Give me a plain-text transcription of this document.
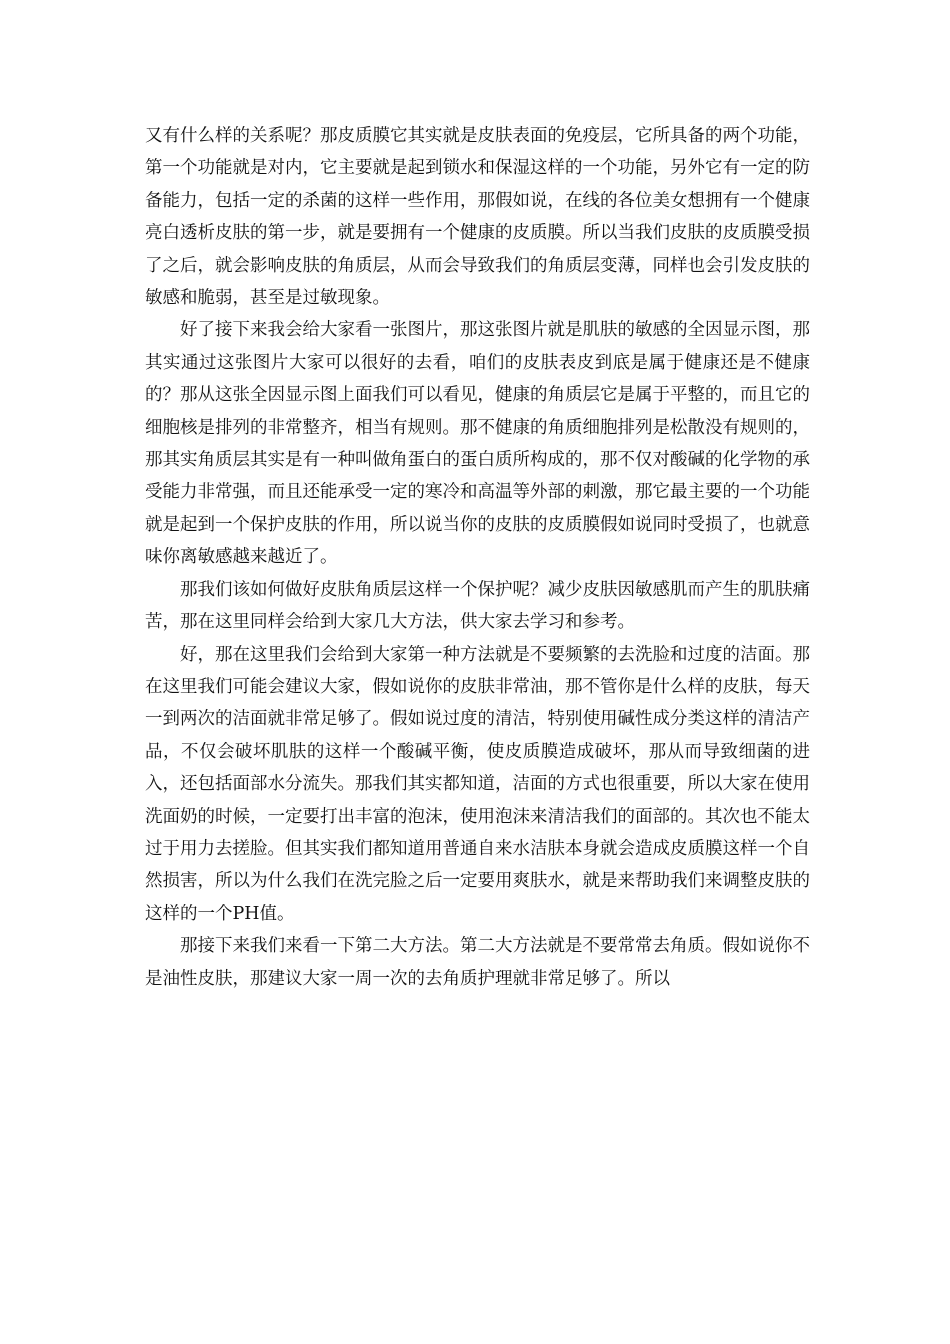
又有什么样的关系呢？那皮质膜它其实就是皮肤表面的免疫层，它所具备的两个功能，第一个功能就是对内，它主要就是起到锁水和保湿这样的一个功能，另外它有一定的防备能力，包括一定的杀菌的这样一些作用，那假如说，在线的各位美女想拥有一个健康亮白透析皮肤的第一步，就是要拥有一个健康的皮质膜。所以当我们皮肤的皮质膜受损了之后，就会影响皮肤的角质层，从而会导致我们的角质层变薄，同样也会引发皮肤的敏感和脆弱，甚至是过敏现象。

好了接下来我会给大家看一张图片，那这张图片就是肌肤的敏感的全因显示图，那其实通过这张图片大家可以很好的去看，咱们的皮肤表皮到底是属于健康还是不健康的？那从这张全因显示图上面我们可以看见，健康的角质层它是属于平整的，而且它的细胞核是排列的非常整齐，相当有规则。那不健康的角质细胞排列是松散没有规则的，那其实角质层其实是有一种叫做角蛋白的蛋白质所构成的，那不仅对酸碱的化学物的承受能力非常强，而且还能承受一定的寒冷和高温等外部的刺激，那它最主要的一个功能就是起到一个保护皮肤的作用，所以说当你的皮肤的皮质膜假如说同时受损了，也就意味你离敏感越来越近了。

那我们该如何做好皮肤角质层这样一个保护呢？减少皮肤因敏感肌而产生的肌肤痛苦，那在这里同样会给到大家几大方法，供大家去学习和参考。

好，那在这里我们会给到大家第一种方法就是不要频繁的去洗脸和过度的洁面。那在这里我们可能会建议大家，假如说你的皮肤非常油，那不管你是什么样的皮肤，每天一到两次的洁面就非常足够了。假如说过度的清洁，特别使用碱性成分类这样的清洁产品，不仅会破坏肌肤的这样一个酸碱平衡，使皮质膜造成破坏，那从而导致细菌的进入，还包括面部水分流失。那我们其实都知道，洁面的方式也很重要，所以大家在使用洗面奶的时候，一定要打出丰富的泡沫，使用泡沫来清洁我们的面部的。其次也不能太过于用力去搓脸。但其实我们都知道用普通自来水洁肤本身就会造成皮质膜这样一个自然损害，所以为什么我们在洗完脸之后一定要用爽肤水，就是来帮助我们来调整皮肤的这样的一个PH值。

那接下来我们来看一下第二大方法。第二大方法就是不要常常去角质。假如说你不是油性皮肤，那建议大家一周一次的去角质护理就非常足够了。所以
